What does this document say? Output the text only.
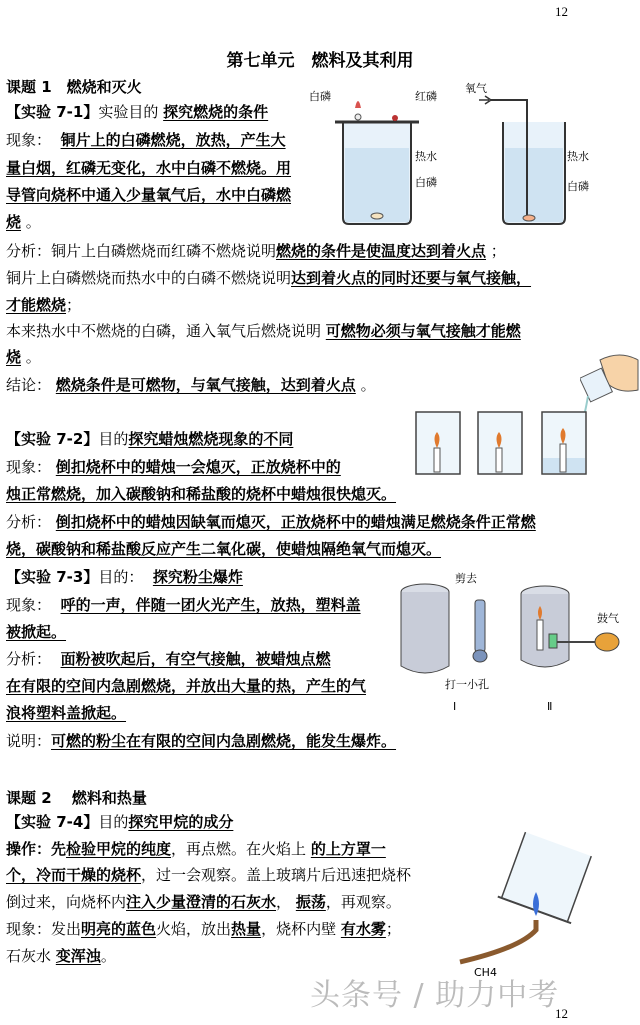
12
第七单元　燃料及其利用
课题 1　燃烧和灭火
【实验 7-1】实验目的 探究燃烧的条件
现象： 铜片上的白磷燃烧，放热，产生大
量白烟，红磷无变化，水中白磷不燃烧。用
导管向烧杯中通入少量氧气后，水中白磷燃
烧 。
分析：铜片上白磷燃烧而红磷不燃烧说明燃烧的条件是使温度达到着火点 ；
铜片上白磷燃烧而热水中的白磷不燃烧说明达到着火点的同时还要与氧气接触，
才能燃烧；
本来热水中不燃烧的白磷，通入氧气后燃烧说明 可燃物必须与氧气接触才能燃
烧 。
结论： 燃烧条件是可燃物，与氧气接触，达到着火点 。
白磷	红磷
热水
白磷
氧气
热水
白磷
【实验 7-2】目的探究蜡烛燃烧现象的不同
现象： 倒扣烧杯中的蜡烛一会熄灭，正放烧杯中的
烛正常燃烧，加入碳酸钠和稀盐酸的烧杯中蜡烛很快熄灭。
分析： 倒扣烧杯中的蜡烛因缺氧而熄灭，正放烧杯中的蜡烛满足燃烧条件正常燃
烧，碳酸钠和稀盐酸反应产生二氧化碳，使蜡烛隔绝氧气而熄灭。
【实验 7-3】目的： 探究粉尘爆炸
现象： 呼的一声，伴随一团火光产生，放热，塑料盖
被掀起。
分析： 面粉被吹起后，有空气接触，被蜡烛点燃
在有限的空间内急剧燃烧，并放出大量的热，产生的气
浪将塑料盖掀起。
说明：可燃的粉尘在有限的空间内急剧燃烧，能发生爆炸。
剪去
打一小孔
鼓气
Ⅰ	Ⅱ
课题 2　 燃料和热量
【实验 7-4】目的探究甲烷的成分
操作：先检验甲烷的纯度，再点燃。在火焰上 的上方罩一
个，冷而干燥的烧杯，过一会观察。盖上玻璃片后迅速把烧杯
倒过来，向烧杯内注入少量澄清的石灰水， 振荡，再观察。
现象：发出明亮的蓝色火焰，放出热量，烧杯内壁 有水雾；
石灰水 变浑浊。
CH4
头条号 / 助力中考
12
